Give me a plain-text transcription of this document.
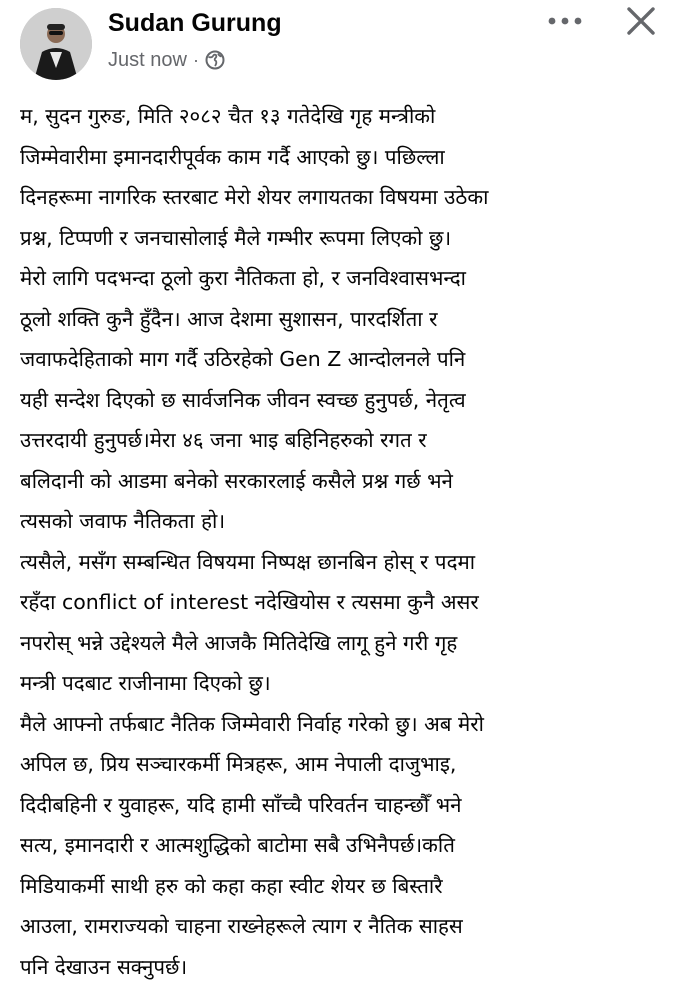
Sudan Gurung
Just now ·
म, सुदन गुरुङ, मिति २०८२ चैत १३ गतेदेखि गृह मन्त्रीको
जिम्मेवारीमा इमानदारीपूर्वक काम गर्दै आएको छु। पछिल्ला
दिनहरूमा नागरिक स्तरबाट मेरो शेयर लगायतका विषयमा उठेका
प्रश्न, टिप्पणी र जनचासोलाई मैले गम्भीर रूपमा लिएको छु।
मेरो लागि पदभन्दा ठूलो कुरा नैतिकता हो, र जनविश्वासभन्दा
ठूलो शक्ति कुनै हुँदैन। आज देशमा सुशासन, पारदर्शिता र
जवाफदेहिताको माग गर्दै उठिरहेको Gen Z आन्दोलनले पनि
यही सन्देश दिएको छ सार्वजनिक जीवन स्वच्छ हुनुपर्छ, नेतृत्व
उत्तरदायी हुनुपर्छ।मेरा ४६ जना भाइ बहिनिहरुको रगत र
बलिदानी को आडमा बनेको सरकारलाई कसैले प्रश्न गर्छ भने
त्यसको जवाफ नैतिकता हो।
त्यसैले, मसँग सम्बन्धित विषयमा निष्पक्ष छानबिन होस् र पदमा
रहँदा conflict of interest नदेखियोस र त्यसमा कुनै असर
नपरोस् भन्ने उद्देश्यले मैले आजकै मितिदेखि लागू हुने गरी गृह
मन्त्री पदबाट राजीनामा दिएको छु।
मैले आफ्नो तर्फबाट नैतिक जिम्मेवारी निर्वाह गरेको छु। अब मेरो
अपिल छ, प्रिय सञ्चारकर्मी मित्रहरू, आम नेपाली दाजुभाइ,
दिदीबहिनी र युवाहरू, यदि हामी साँच्चै परिवर्तन चाहन्छौँ भने
सत्य, इमानदारी र आत्मशुद्धिको बाटोमा सबै उभिनैपर्छ।कति
मिडियाकर्मी साथी हरु को कहा कहा स्वीट शेयर छ बिस्तारै
आउला, रामराज्यको चाहना राख्नेहरूले त्याग र नैतिक साहस
पनि देखाउन सक्नुपर्छ।
